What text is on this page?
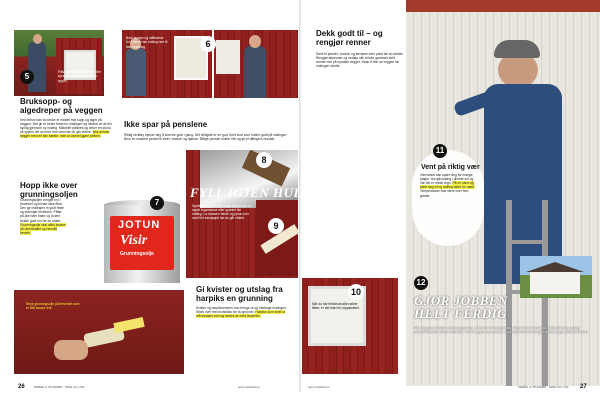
5	Påfør midlet med pensel eller sprøyte. La det virke før du spyler.
Bruksopp- og algedreper på veggen
Ved behov kan du bruke et middel mot sopp og alger på veggen. Det gir et bedre feste for malingen og hindrer at de blir synlig gjennom ny maling. Middelet påføres og virker en stund, så spyles det av med rent vann før du går videre. Ikke skrubb vegger med en stiv børste, men la vannet gjøre jobben.
6
Bruk skrape og stålbørste for å fjerne løs maling ned til fast underlag.
Ikke spar på penslene
Riktig verktøy hjelper deg å komme godt i gang. Det viktigste er en god, bred kost som holder godt på malingen. Bruk en smalere pensel til lister, vinduer og hjørner. Billige pensler mister hår og gir et dårligere resultat.
Hopp ikke over grunningsoljen
Grunningsoljen trenger inn i treverket og binder løse fibre. Den gir malingen et godt feste og forlenger levetiden. Påfør på alle bare flater og la den trekke godt inn før du maler. Grunningsolje skal alltid brukes på ubehandlet og værslitt treverk.
JOTUN
Visir
Grunningsolje
7
Stryk grunningsolje på treverket som er blitt skrapt rent.
8
FYLL IGJEN HULL
Sprekker og hull i treverket fylles med en egnet fugemasse eller sparkel før maling. La massen herde og puss over med fint sandpapir før du går videre.
9
Gi kvister og utslag fra harpiks en grunning
Kvister og harpikslommer kan trenge ut og misfarge malingen. Strøk over med kvistlakk før du grunner. Harpiks som siver ut må skrapes bort og tørkes av med terpentin.
26	MØBEL & INTERIØR · INNE OG UTE	www.mittblad.no
Dekk godt til – og rengjør renner
Dekk til planter, vinduer og terrasse med plast før du starter. Rengjør takrenner og nedløp slik at ikke gammelt skitt renner ned på nymalte vegger. Husk å feie av veggen før malingen starter.
10
Når du har flekkmalt alle nakne flater, er det klart for toppstrøket.
11
Vent på riktig vær
Værvarsel kan spare deg for mange plager. Unngå maling i direkte sol og når det er meldt regn. På en varm og sterk dag vil ny maling tørke for raskt. Temperaturen bør være over fem grader.
12
GJØR JOBBEN HELT FERDIG
Når veggen er skrapt, vasket og grunnet, er det tid for ferdigmaling. Stryk to strøk med god kvalitetsmaling og følg anbefalt tørketid mellom strøkene. Mal fra toppen og nedover, og avslutt hver bordlengde uten å stoppe midt på et bord.
www.mittblad.no	MØBEL & INTERIØR · INNE OG UTE 27
